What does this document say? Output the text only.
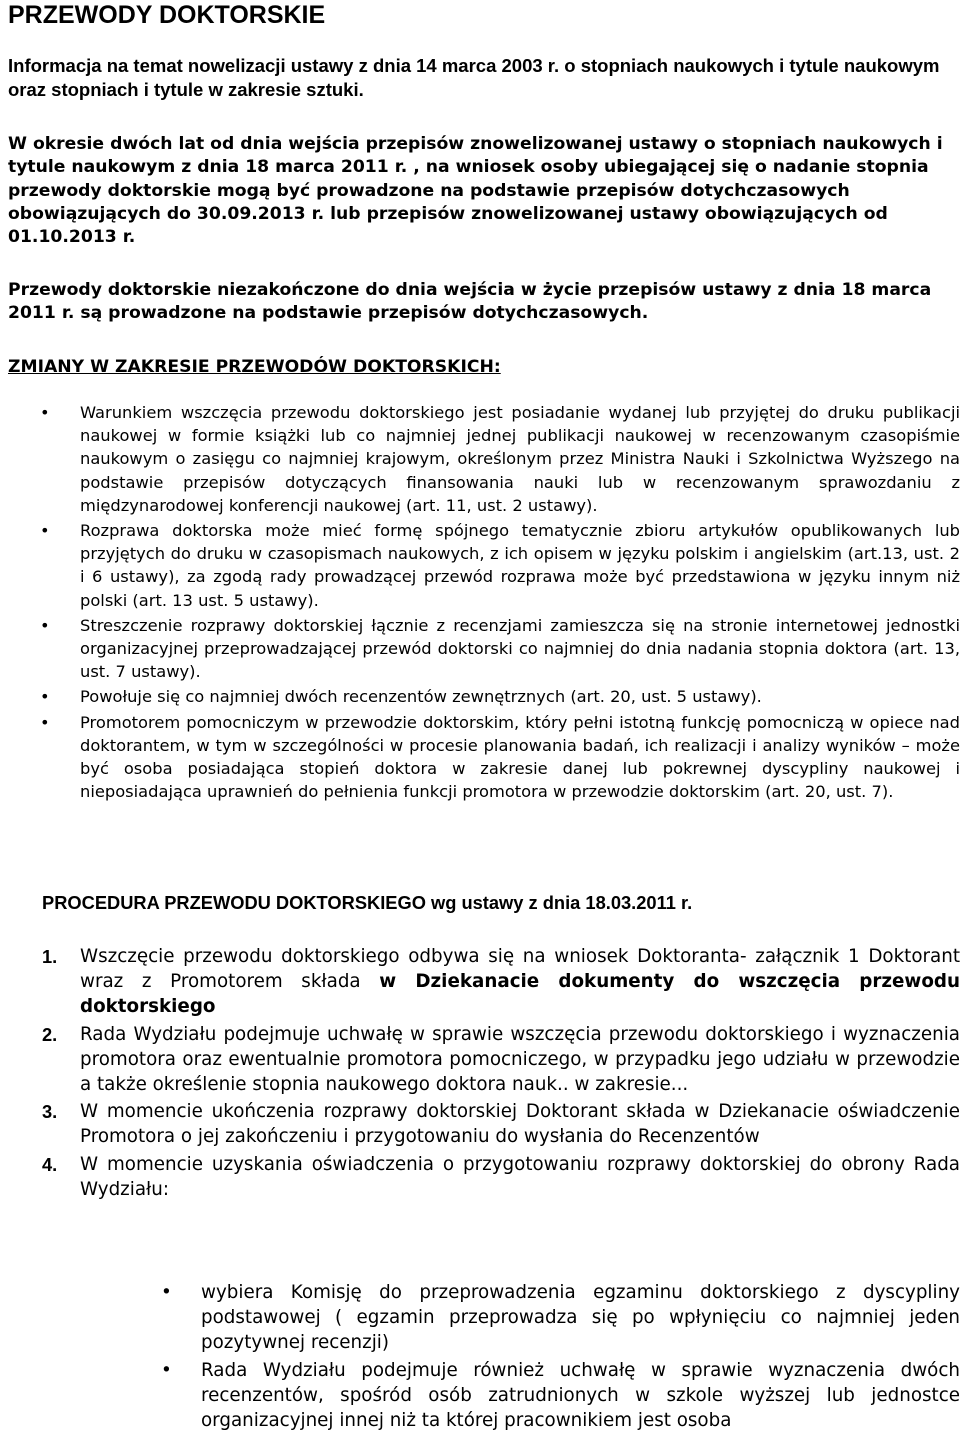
PRZEWODY DOKTORSKIE
Informacja na temat nowelizacji ustawy z dnia 14 marca 2003 r. o stopniach naukowych i tytule naukowym oraz stopniach i tytule w zakresie sztuki.
W okresie dwóch lat od dnia wejścia przepisów znowelizowanej ustawy o stopniach naukowych i tytule naukowym z dnia 18 marca 2011 r. , na wniosek osoby ubiegającej się o nadanie stopnia przewody doktorskie mogą być prowadzone na podstawie przepisów dotychczasowych obowiązujących do 30.09.2013 r. lub przepisów znowelizowanej ustawy obowiązujących od 01.10.2013 r.
Przewody doktorskie niezakończone do dnia wejścia w życie przepisów ustawy z dnia 18 marca 2011 r. są prowadzone na podstawie przepisów dotychczasowych.
ZMIANY W ZAKRESIE PRZEWODÓW DOKTORSKICH:
• Warunkiem wszczęcia przewodu doktorskiego jest posiadanie wydanej lub przyjętej do druku publikacji naukowej w formie książki lub co najmniej jednej publikacji naukowej w recenzowanym czasopiśmie naukowym o zasięgu co najmniej krajowym, określonym przez Ministra Nauki i Szkolnictwa Wyższego na podstawie przepisów dotyczących finansowania nauki lub w recenzowanym sprawozdaniu z międzynarodowej konferencji naukowej (art. 11, ust. 2 ustawy).
• Rozprawa doktorska może mieć formę spójnego tematycznie zbioru artykułów opublikowanych lub przyjętych do druku w czasopismach naukowych, z ich opisem w języku polskim i angielskim (art.13, ust. 2 i 6 ustawy), za zgodą rady prowadzącej przewód rozprawa może być przedstawiona w języku innym niż polski (art. 13 ust. 5 ustawy).
• Streszczenie rozprawy doktorskiej łącznie z recenzjami zamieszcza się na stronie internetowej jednostki organizacyjnej przeprowadzającej przewód doktorski co najmniej do dnia nadania stopnia doktora (art. 13, ust. 7 ustawy).
• Powołuje się co najmniej dwóch recenzentów zewnętrznych (art. 20, ust. 5 ustawy).
• Promotorem pomocniczym w przewodzie doktorskim, który pełni istotną funkcję pomocniczą w opiece nad doktorantem, w tym w szczególności w procesie planowania badań, ich realizacji i analizy wyników – może być osoba posiadająca stopień doktora w zakresie danej lub pokrewnej dyscypliny naukowej i nieposiadająca uprawnień do pełnienia funkcji promotora w przewodzie doktorskim (art. 20, ust. 7).
PROCEDURA PRZEWODU DOKTORSKIEGO wg ustawy z dnia 18.03.2011 r.
1. Wszczęcie przewodu doktorskiego odbywa się na wniosek Doktoranta- załącznik 1 Doktorant wraz z Promotorem składa w Dziekanacie dokumenty do wszczęcia przewodu doktorskiego
2. Rada Wydziału podejmuje uchwałę w sprawie wszczęcia przewodu doktorskiego i wyznaczenia promotora oraz ewentualnie promotora pomocniczego, w przypadku jego udziału w przewodzie a także określenie stopnia naukowego doktora nauk.. w zakresie...
3. W momencie ukończenia rozprawy doktorskiej Doktorant składa w Dziekanacie oświadczenie Promotora o jej zakończeniu i przygotowaniu do wysłania do Recenzentów
4. W momencie uzyskania oświadczenia o przygotowaniu rozprawy doktorskiej do obrony Rada Wydziału:
• wybiera Komisję do przeprowadzenia egzaminu doktorskiego z dyscypliny podstawowej ( egzamin przeprowadza się po wpłynięciu co najmniej jeden pozytywnej recenzji)
• Rada Wydziału podejmuje również uchwałę w sprawie wyznaczenia dwóch recenzentów, spośród osób zatrudnionych w szkole wyższej lub jednostce organizacyjnej innej niż ta której pracownikiem jest osoba
